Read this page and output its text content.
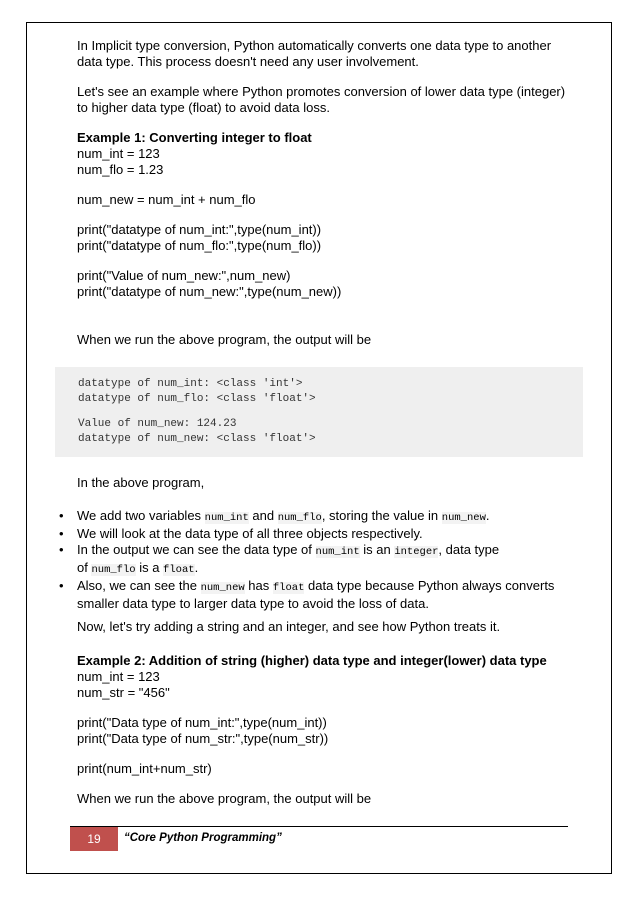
In Implicit type conversion, Python automatically converts one data type to another

data type. This process doesn't need any user involvement.

Let's see an example where Python promotes conversion of lower data type (integer)

to higher data type (float) to avoid data loss.

Example 1: Converting integer to float

num_int = 123

num_flo = 1.23

num_new = num_int + num_flo

print("datatype of num_int:",type(num_int))

print("datatype of num_flo:",type(num_flo))

print("Value of num_new:",num_new)

print("datatype of num_new:",type(num_new))

When we run the above program, the output will be

datatype of num_int: <class 'int'>
datatype of num_flo: <class 'float'>
Value of num_new: 124.23
datatype of num_new: <class 'float'>

In the above program,

• We add two variables num_int and num_flo, storing the value in num_new.
• We will look at the data type of all three objects respectively.
• In the output we can see the data type of num_int is an integer, data type
of num_flo is a float.
• Also, we can see the num_new has float data type because Python always converts
smaller data type to larger data type to avoid the loss of data.

Now, let's try adding a string and an integer, and see how Python treats it.

Example 2: Addition of string (higher) data type and integer(lower) data type

num_int = 123

num_str = "456"

print("Data type of num_int:",type(num_int))

print("Data type of num_str:",type(num_str))

print(num_int+num_str)

When we run the above program, the output will be

19	“Core Python Programming”
